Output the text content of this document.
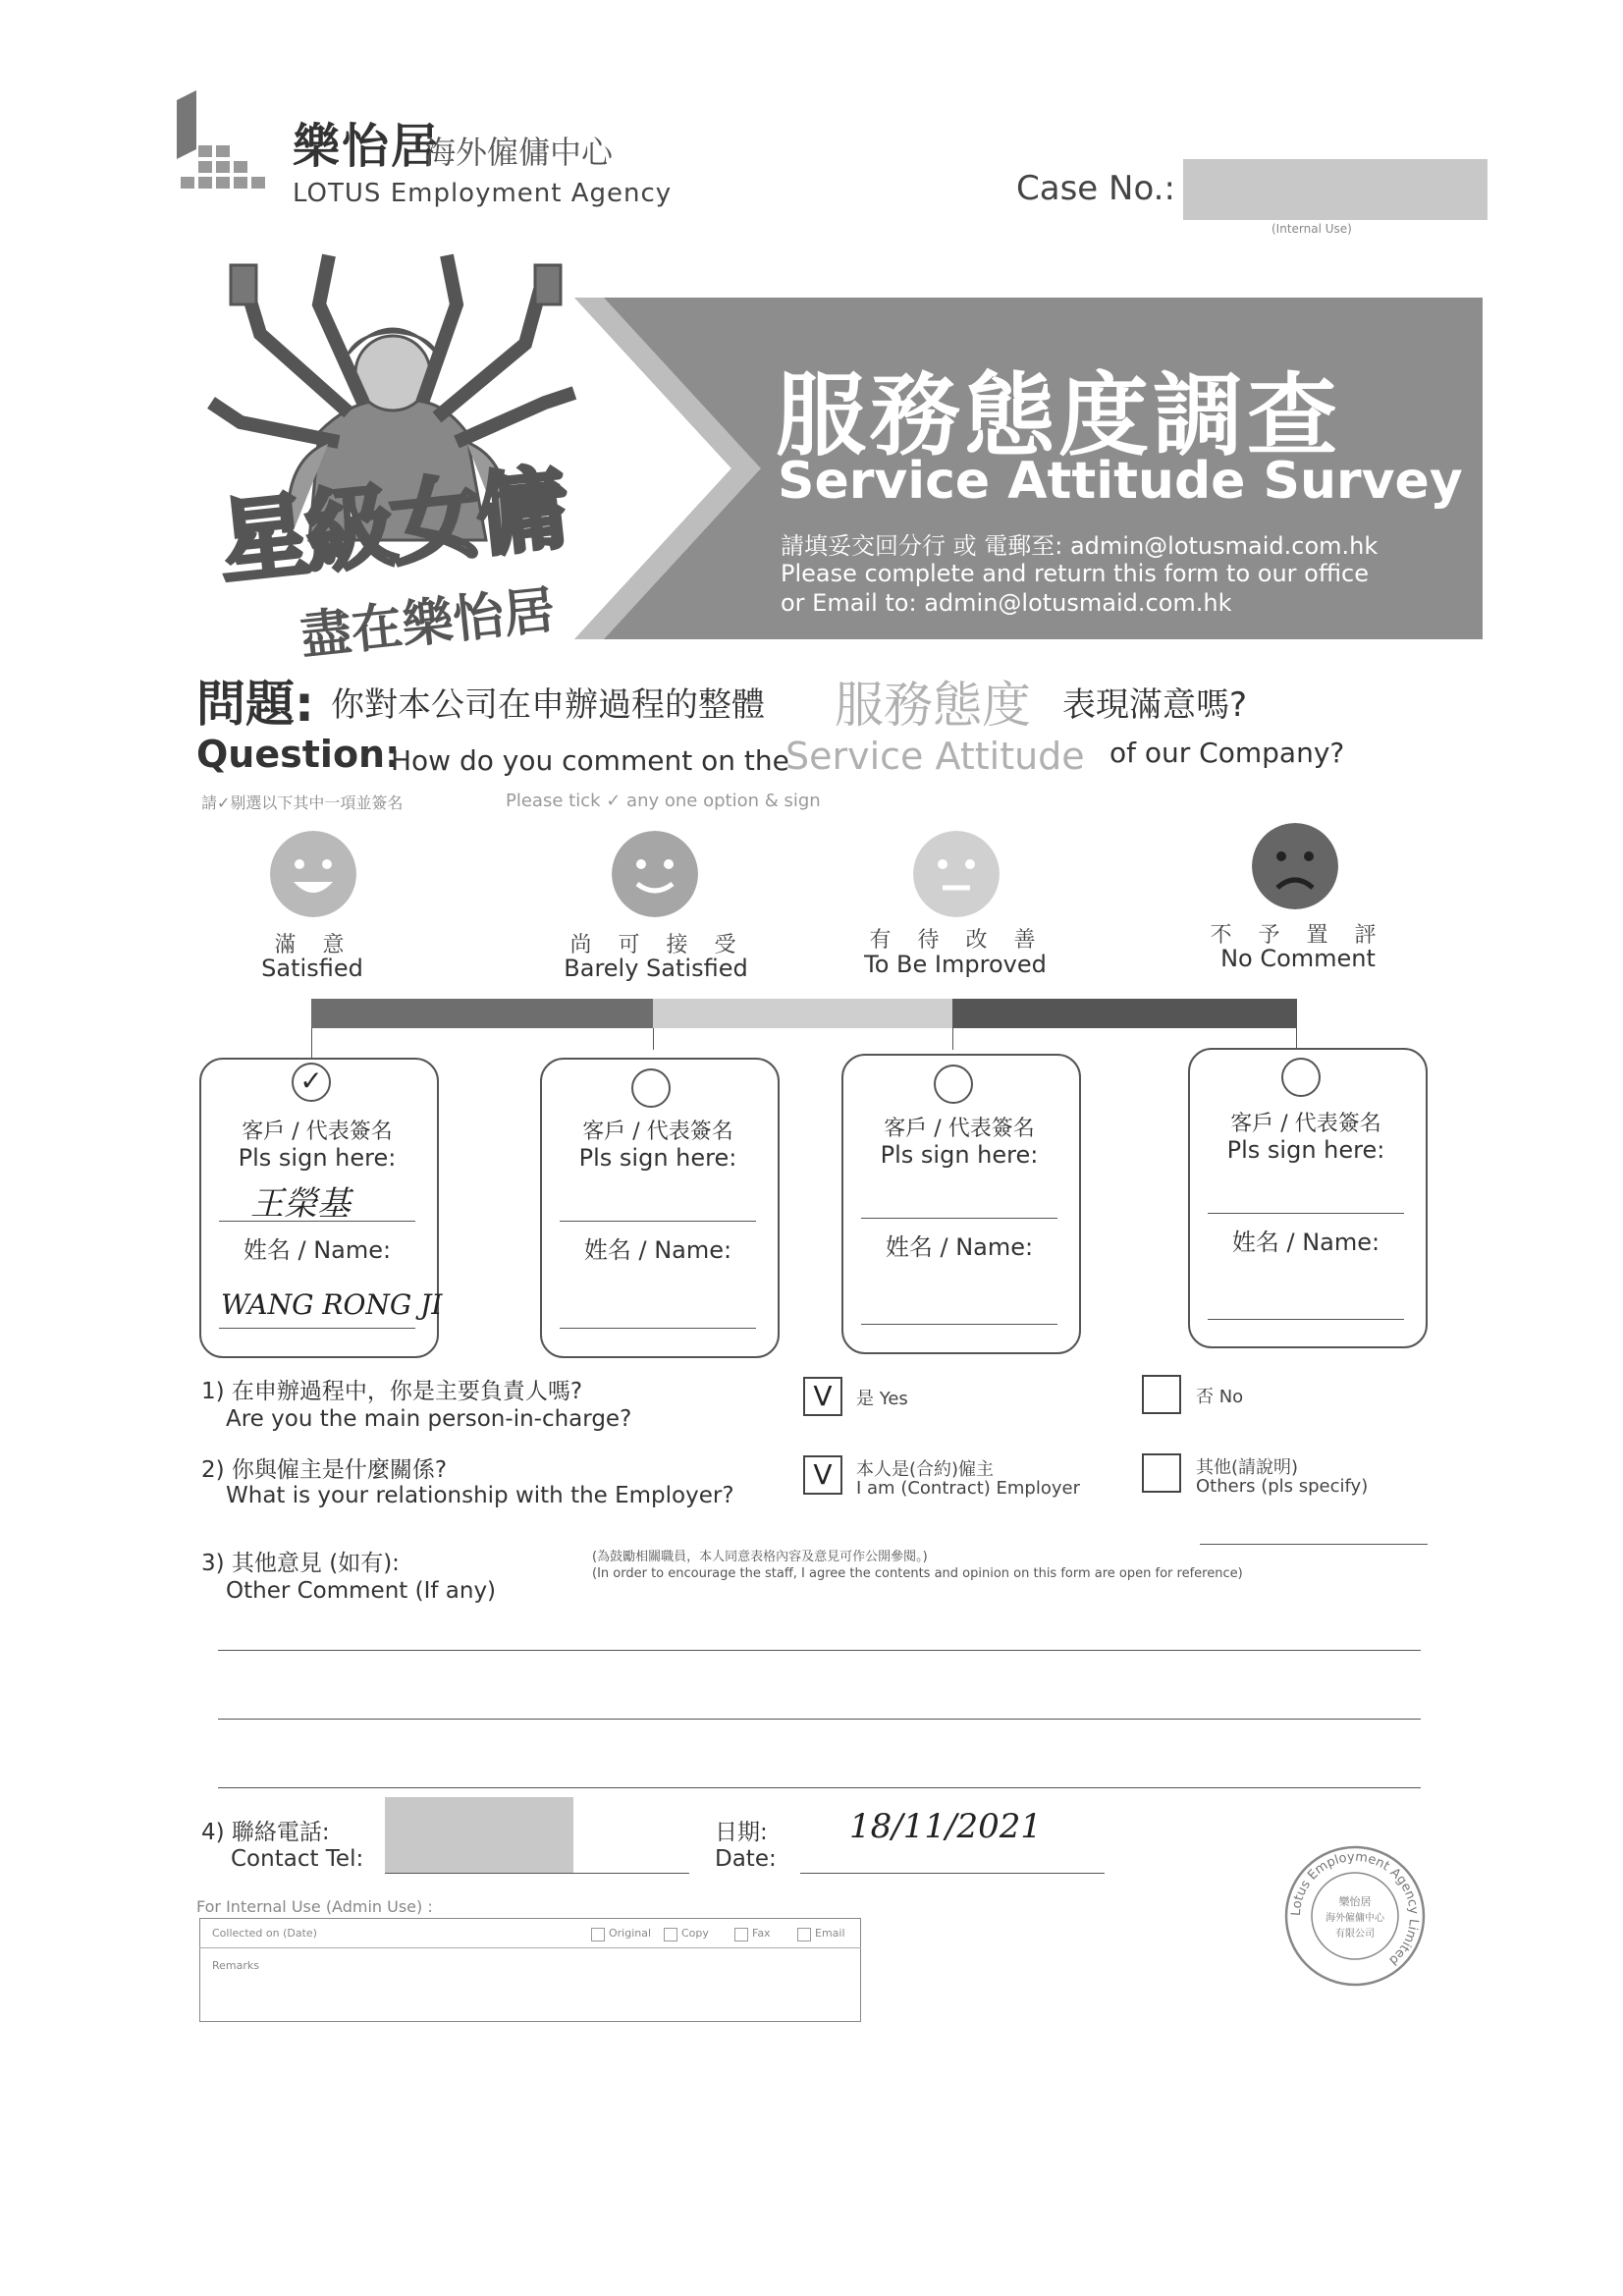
樂怡居
海外僱傭中心
LOTUS Employment Agency	Case No.:
(Internal Use)
服務態度調查
Service Attitude Survey
請填妥交回分行 或 電郵至: admin@lotusmaid.com.hk
Please complete and return this form to our office
or Email to: admin@lotusmaid.com.hk
星級女傭
盡在樂怡居
問題: 你對本公司在申辦過程的整體 服務態度 表現滿意嗎?
Question:
How do you comment on the
Service Attitude of our Company?
請✓剔選以下其中一項並簽名	Please tick ✓ any one option & sign
滿 意
Satisfied
尚 可 接 受
Barely Satisfied
有 待 改 善
To Be Improved
不 予 置 評
No Comment
✓
客戶 / 代表簽名
Pls sign here:
王榮基
姓名 / Name:
WANG RONG JI
客戶 / 代表簽名
Pls sign here:
姓名 / Name:
客戶 / 代表簽名
Pls sign here:
姓名 / Name:
客戶 / 代表簽名
Pls sign here:
姓名 / Name:
1) 在申辦過程中，你是主要負責人嗎?
Are you the main person-in-charge?
V	是 Yes	否 No
2) 你與僱主是什麼關係?
What is your relationship with the Employer?
V	本人是(合約)僱主
I am (Contract) Employer
其他(請說明)
Others (pls specify)
3) 其他意見 (如有):
Other Comment (If any)
(為鼓勵相關職員，本人同意表格內容及意見可作公開參閱。)
(In order to encourage the staff, I agree the contents and opinion on this form are open for reference)
4) 聯絡電話:
Contact Tel:
日期:
Date:
18/11/2021
For Internal Use (Admin Use) :
Collected on (Date)	Original	Copy	Fax	Email
Remarks
Lotus Employment Agency Limited
樂怡居
海外僱傭中心
有限公司
